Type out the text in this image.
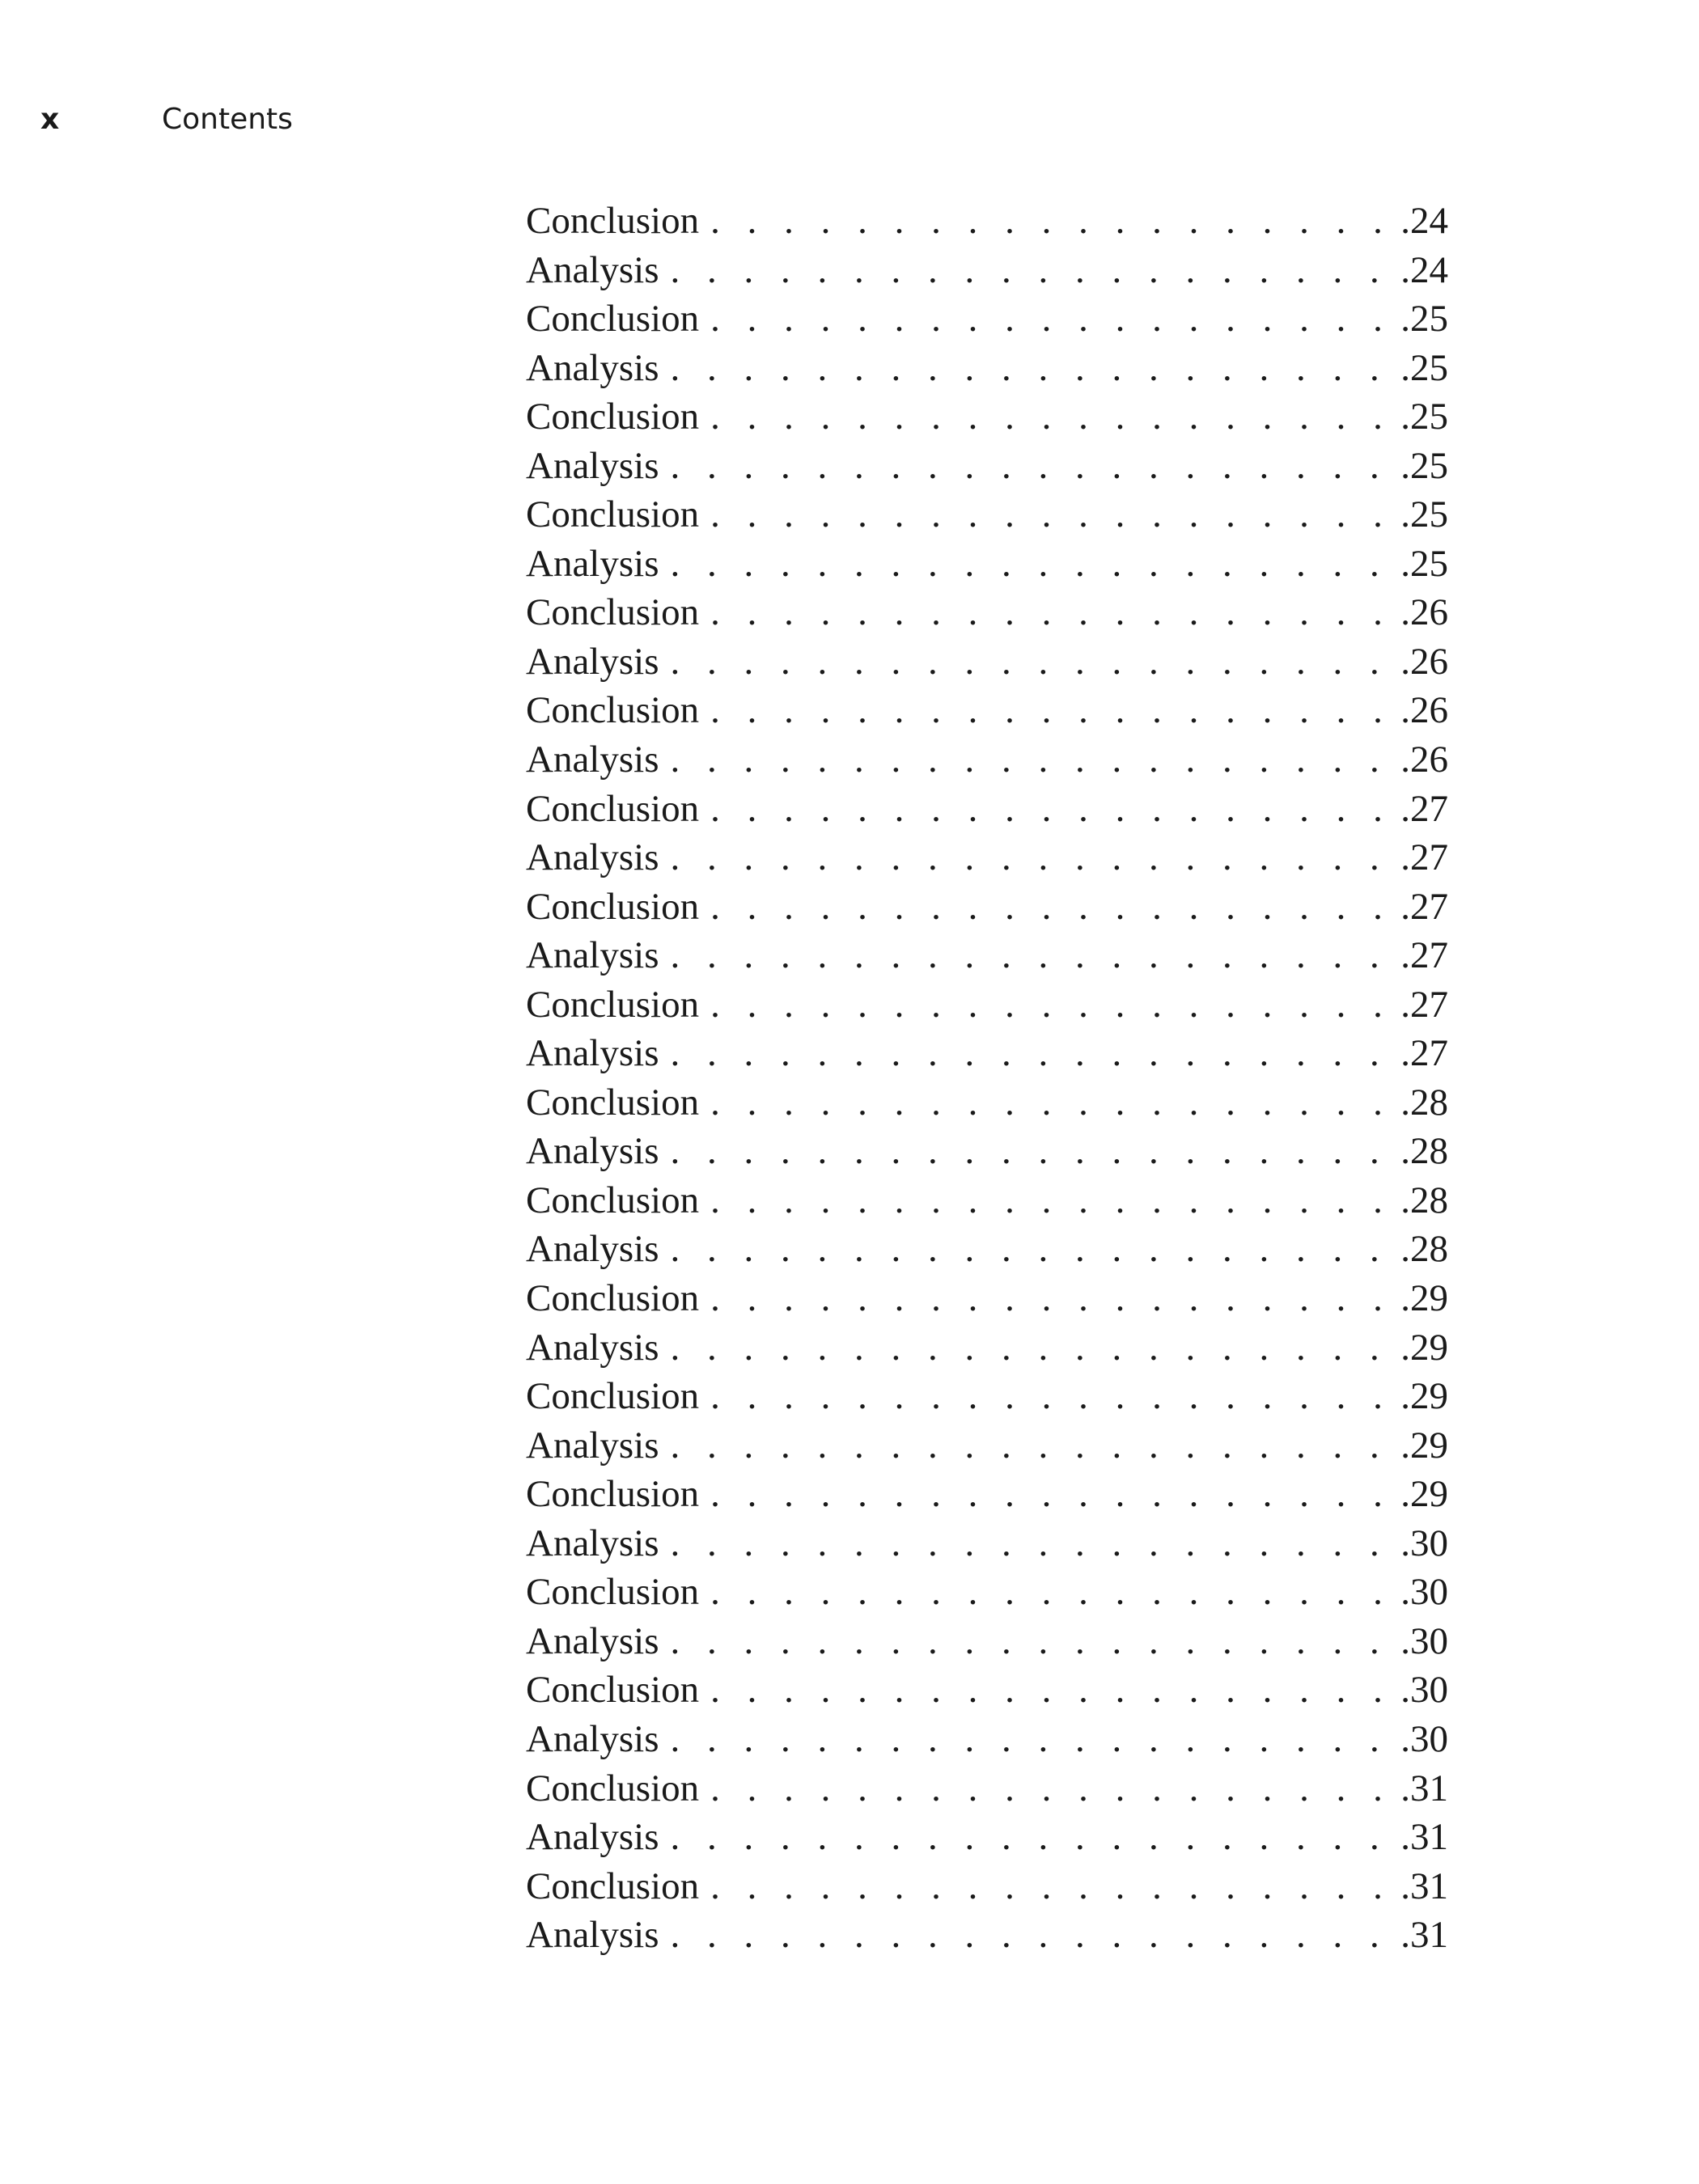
x	Contents
Conclusion . . .	.24
Analysis . . .	.24
Conclusion . . .	.25
Analysis . . .	.25
Conclusion . . .	.25
Analysis . . .	.25
Conclusion . . .	.25
Analysis . . .	.25
Conclusion . . .	.26
Analysis . . .	.26
Conclusion . . .	.26
Analysis . . .	.26
Conclusion . . .	.27
Analysis . . .	.27
Conclusion . . .	.27
Analysis . . .	.27
Conclusion . . .	.27
Analysis . . .	.27
Conclusion . . .	.28
Analysis . . .	.28
Conclusion . . .	.28
Analysis . . .	.28
Conclusion . . .	.29
Analysis . . .	.29
Conclusion . . .	.29
Analysis . . .	.29
Conclusion . . .	.29
Analysis . . .	.30
Conclusion . . .	.30
Analysis . . .	.30
Conclusion . . .	.30
Analysis . . .	.30
Conclusion . . .	.31
Analysis . . .	.31
Conclusion . . .	.31
Analysis . . .	.31
